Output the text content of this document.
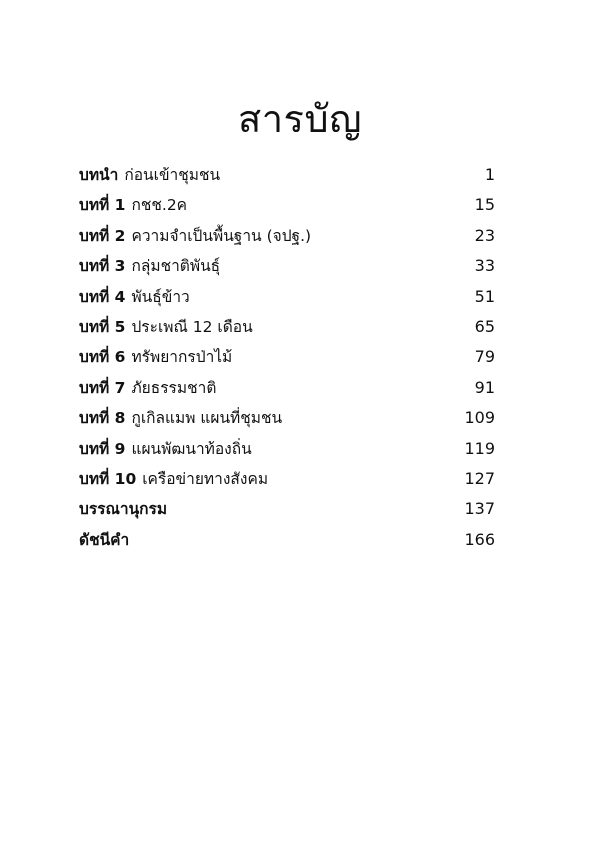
สารบัญ
บทนำ ก่อนเข้าชุมชน	1
บทที่ 1 กชช.2ค	15
บทที่ 2 ความจำเป็นพื้นฐาน (จปฐ.)	23
บทที่ 3 กลุ่มชาติพันธุ์	33
บทที่ 4 พันธุ์ข้าว	51
บทที่ 5 ประเพณี 12 เดือน	65
บทที่ 6 ทรัพยากรป่าไม้	79
บทที่ 7 ภัยธรรมชาติ	91
บทที่ 8 กูเกิลแมพ แผนที่ชุมชน	109
บทที่ 9 แผนพัฒนาท้องถิ่น	119
บทที่ 10 เครือข่ายทางสังคม	127
บรรณานุกรม	137
ดัชนีคำ	166
